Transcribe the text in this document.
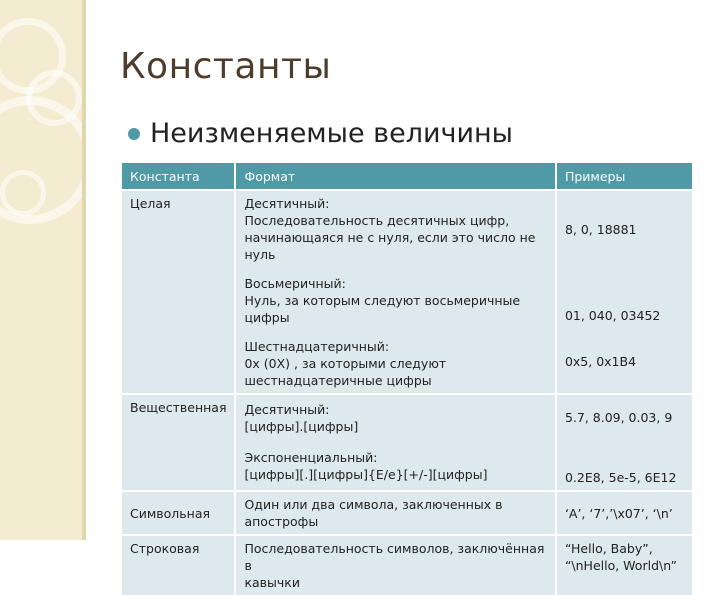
Константы
Неизменяемые величины
Константа	Формат	Примеры
Целая	Десятичный:
Последовательность десятичных цифр,
начинающаяся не с нуля, если это число не нуль	8, 0, 18881

	Восьмеричный:
Нуль, за которым следуют восьмеричные цифры	01, 040, 03452

	Шестнадцатеричный:
0x (0X) , за которыми следуют
шестнадцатеричные цифры	0x5, 0x1B4
Вещественная	Десятичный:
[цифры].[цифры]	5.7, 8.09, 0.03, 9

	Экспоненциальный:
[цифры][.][цифры]{E/e}[+/-][цифры]	0.2E8, 5e-5, 6E12
Символьная	Один или два символа, заключенных в апострофы	‘A’, ‘7’,’\x07’, ‘\n’
Строковая	Последовательность символов, заключённая в
кавычки	“Hello, Baby”,
“\nHello, World\n”
